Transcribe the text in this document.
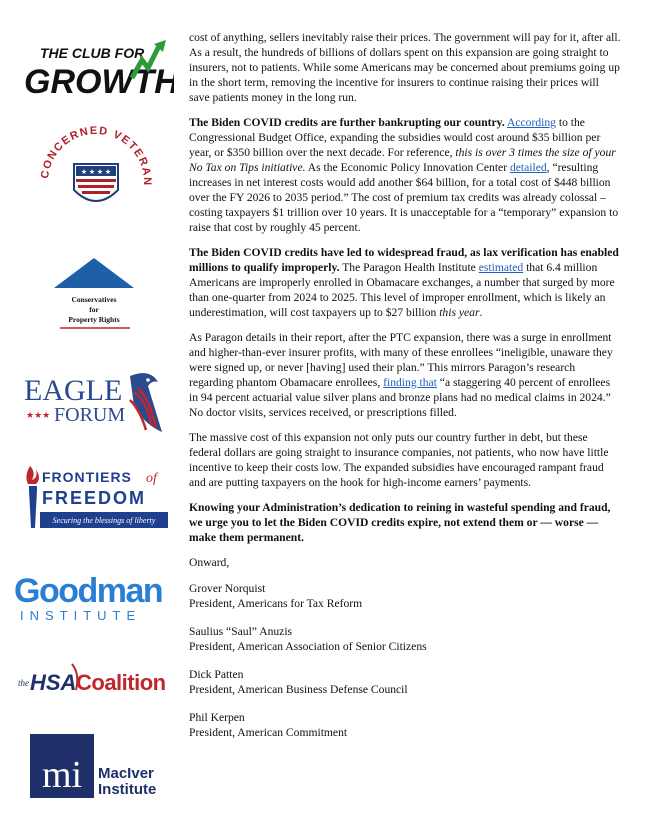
THE CLUB FOR
GROWTH
CONCERNED VETERAN
★ ★ ★ ★
Conservatives
for
Property Rights
EAGLE
★★★ FORUM
FRONTIERS of
FREEDOM
Securing the blessings of liberty
Goodman
INSTITUTE
the HSA Coalition
mi MacIver
Institute

cost of anything, sellers inevitably raise their prices. The government will pay for it, after all. As a result, the hundreds of billions of dollars spent on this expansion are going straight to insurers, not to patients. While some Americans may be concerned about premiums going up in the short term, removing the incentive for insurers to continue raising their prices will save patients money in the long run.

The Biden COVID credits are further bankrupting our country. According to the Congressional Budget Office, expanding the subsidies would cost around $35 billion per year, or $350 billion over the next decade. For reference, this is over 3 times the size of your No Tax on Tips initiative. As the Economic Policy Innovation Center detailed, “resulting increases in net interest costs would add another $64 billion, for a total cost of $448 billion over the FY 2026 to 2035 period.” The cost of premium tax credits was already colossal – costing taxpayers $1 trillion over 10 years. It is unacceptable for a “temporary” expansion to raise that cost by roughly 45 percent.

The Biden COVID credits have led to widespread fraud, as lax verification has enabled millions to qualify improperly. The Paragon Health Institute estimated that 6.4 million Americans are improperly enrolled in Obamacare exchanges, a number that surged by more than one-quarter from 2024 to 2025. This level of improper enrollment, which is likely an underestimation, will cost taxpayers up to $27 billion this year.

As Paragon details in their report, after the PTC expansion, there was a surge in enrollment and higher-than-ever insurer profits, with many of these enrollees “ineligible, unaware they were signed up, or never [having] used their plan.” This mirrors Paragon’s research regarding phantom Obamacare enrollees, finding that “a staggering 40 percent of enrollees in 94 percent actuarial value silver plans and bronze plans had no medical claims in 2024.” No doctor visits, services received, or prescriptions filled.

The massive cost of this expansion not only puts our country further in debt, but these federal dollars are going straight to insurance companies, not patients, who now have little incentive to keep their costs low. The expanded subsidies have encouraged rampant fraud and are putting taxpayers on the hook for high-income earners’ payments.

Knowing your Administration’s dedication to reining in wasteful spending and fraud, we urge you to let the Biden COVID credits expire, not extend them or — worse — make them permanent.

Onward,

Grover Norquist
President, Americans for Tax Reform
Saulius “Saul” Anuzis
President, American Association of Senior Citizens
Dick Patten
President, American Business Defense Council
Phil Kerpen
President, American Commitment
